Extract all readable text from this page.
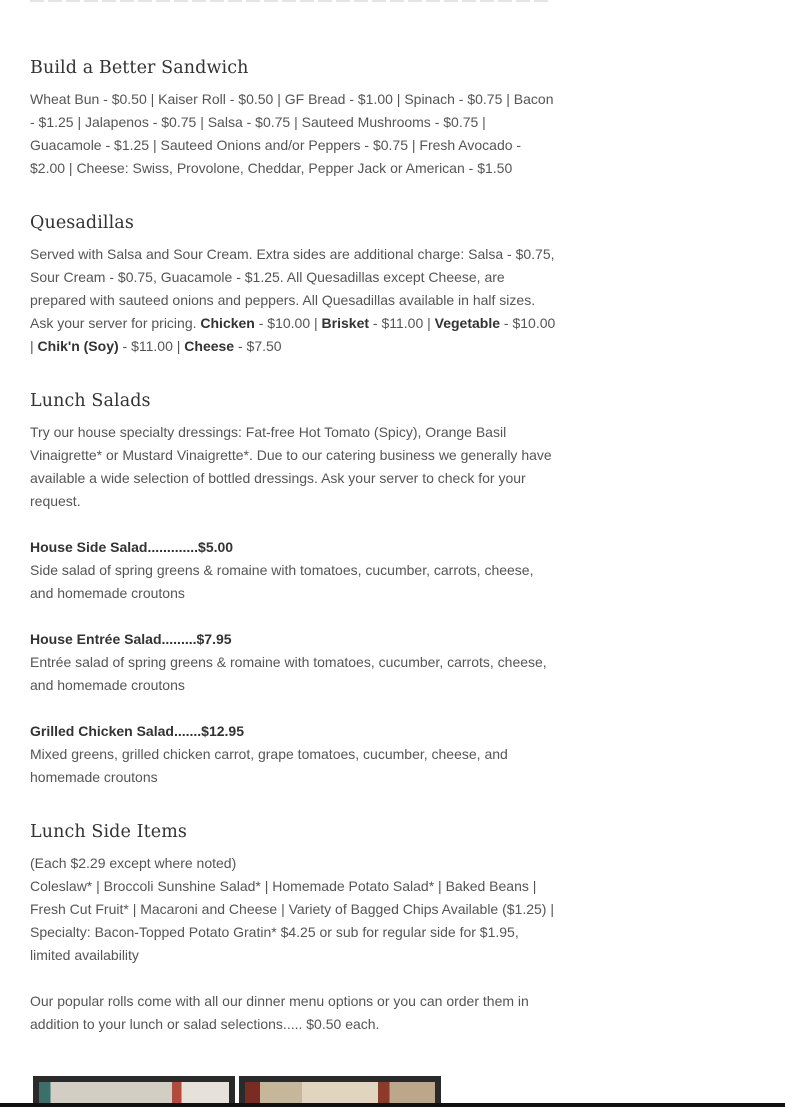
Build a Better Sandwich

Wheat Bun - $0.50 | Kaiser Roll - $0.50 | GF Bread - $1.00 | Spinach - $0.75 | Bacon - $1.25 | Jalapenos - $0.75 | Salsa - $0.75 | Sauteed Mushrooms - $0.75 | Guacamole - $1.25 | Sauteed Onions and/or Peppers - $0.75 | Fresh Avocado - $2.00 | Cheese: Swiss, Provolone, Cheddar, Pepper Jack or American - $1.50

Quesadillas

Served with Salsa and Sour Cream. Extra sides are additional charge: Salsa - $0.75, Sour Cream - $0.75, Guacamole - $1.25. All Quesadillas except Cheese, are prepared with sauteed onions and peppers. All Quesadillas available in half sizes. Ask your server for pricing. Chicken - $10.00 | Brisket - $11.00 | Vegetable - $10.00 | Chik'n (Soy) - $11.00 | Cheese - $7.50

Lunch Salads

Try our house specialty dressings: Fat-free Hot Tomato (Spicy), Orange Basil Vinaigrette* or Mustard Vinaigrette*. Due to our catering business we generally have available a wide selection of bottled dressings. Ask your server to check for your request.

House Side Salad.............$5.00

Side salad of spring greens & romaine with tomatoes, cucumber, carrots, cheese, and homemade croutons

House Entrée Salad.........$7.95

Entrée salad of spring greens & romaine with tomatoes, cucumber, carrots, cheese, and homemade croutons

Grilled Chicken Salad.......$12.95

Mixed greens, grilled chicken carrot, grape tomatoes, cucumber, cheese, and homemade croutons

Lunch Side Items

(Each $2.29 except where noted)

Coleslaw* | Broccoli Sunshine Salad* | Homemade Potato Salad* | Baked Beans | Fresh Cut Fruit* | Macaroni and Cheese | Variety of Bagged Chips Available ($1.25) | Specialty: Bacon-Topped Potato Gratin* $4.25 or sub for regular side for $1.95, limited availability

Our popular rolls come with all our dinner menu options or you can order them in addition to your lunch or salad selections..... $0.50 each.
